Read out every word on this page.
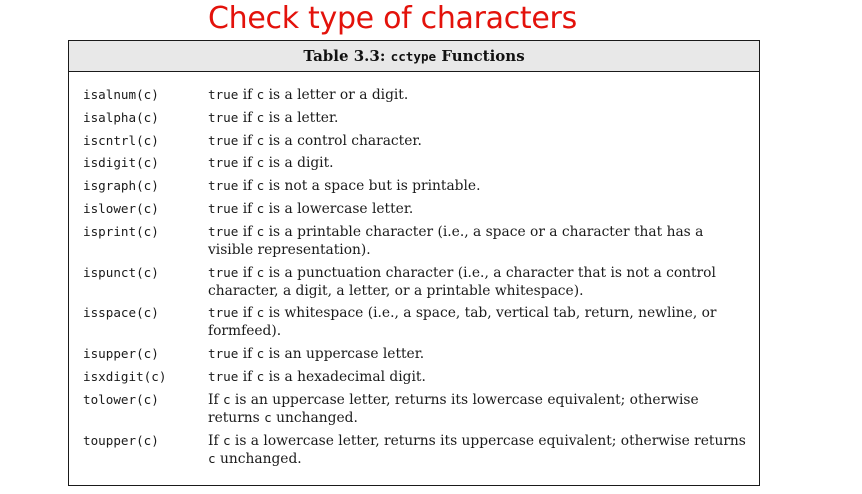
Check type of characters
Table 3.3: cctype Functions
isalnum(c)	true if c is a letter or a digit.
isalpha(c)	true if c is a letter.
iscntrl(c)	true if c is a control character.
isdigit(c)	true if c is a digit.
isgraph(c)	true if c is not a space but is printable.
islower(c)	true if c is a lowercase letter.
isprint(c)	true if c is a printable character (i.e., a space or a character that has a visible representation).
ispunct(c)	true if c is a punctuation character (i.e., a character that is not a control character, a digit, a letter, or a printable whitespace).
isspace(c)	true if c is whitespace (i.e., a space, tab, vertical tab, return, newline, or formfeed).
isupper(c)	true if c is an uppercase letter.
isxdigit(c)	true if c is a hexadecimal digit.
tolower(c)	If c is an uppercase letter, returns its lowercase equivalent; otherwise returns c unchanged.
toupper(c)	If c is a lowercase letter, returns its uppercase equivalent; otherwise returns c unchanged.
